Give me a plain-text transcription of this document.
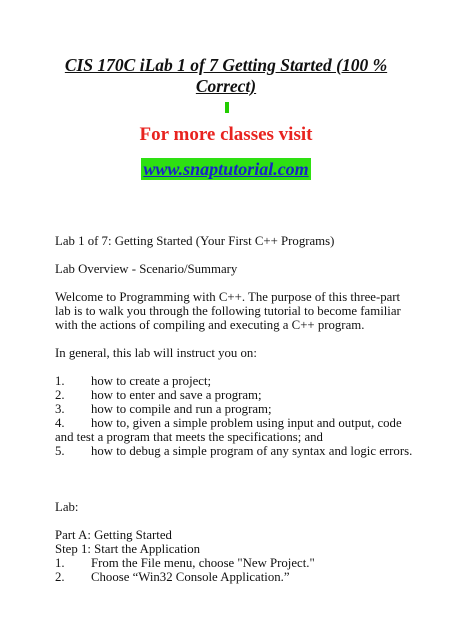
CIS 170C iLab 1 of 7 Getting Started (100 %
Correct)
For more classes visit
www.snaptutorial.com
Lab 1 of 7: Getting Started (Your First C++ Programs)
Lab Overview - Scenario/Summary
Welcome to Programming with C++. The purpose of this three-part
lab is to walk you through the following tutorial to become familiar
with the actions of compiling and executing a C++ program.
In general, this lab will instruct you on:
1. how to create a project;
2. how to enter and save a program;
3. how to compile and run a program;
4. how to, given a simple problem using input and output, code
and test a program that meets the specifications; and
5. how to debug a simple program of any syntax and logic errors.
Lab:
Part A: Getting Started
Step 1: Start the Application
1. From the File menu, choose "New Project."
2. Choose “Win32 Console Application.”
